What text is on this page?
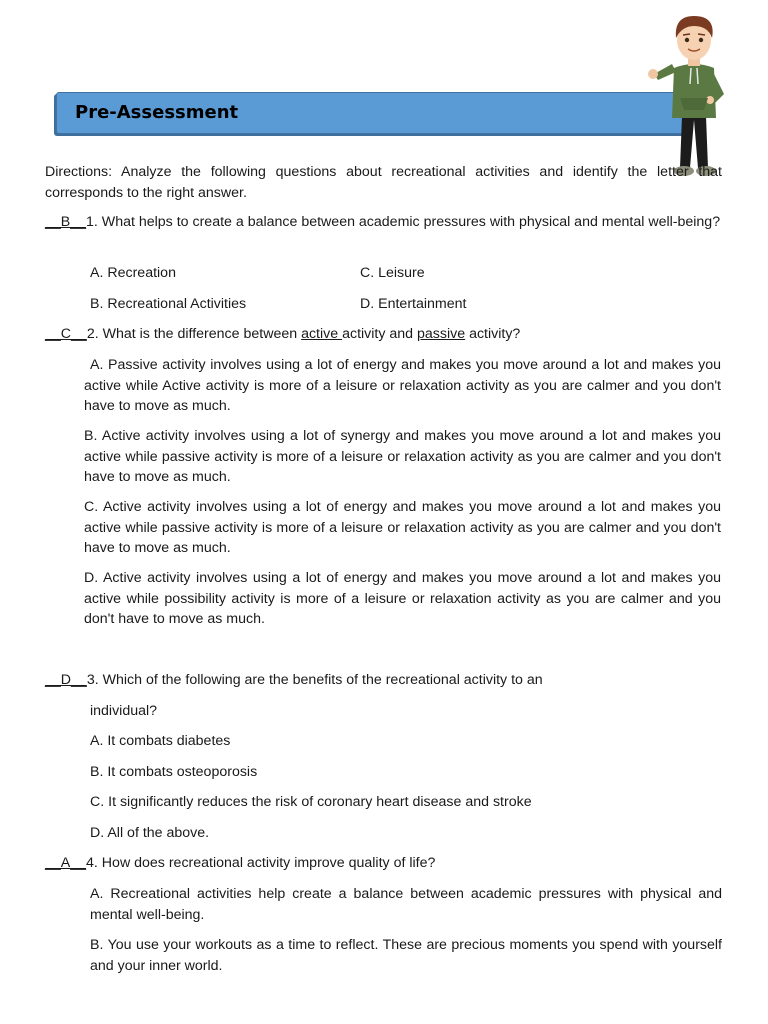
Pre-Assessment
Directions: Analyze the following questions about recreational activities and identify the letter that corresponds to the right answer.
__B__1. What helps to create a balance between academic pressures with physical and mental well-being?
A. Recreation	C. Leisure
B. Recreational Activities	D. Entertainment
__C__2. What is the difference between active activity and passive activity?
A. Passive activity involves using a lot of energy and makes you move around a lot and makes you active while Active activity is more of a leisure or relaxation activity as you are calmer and you don't have to move as much.
B. Active activity involves using a lot of synergy and makes you move around a lot and makes you active while passive activity is more of a leisure or relaxation activity as you are calmer and you don't have to move as much.
C. Active activity involves using a lot of energy and makes you move around a lot and makes you active while passive activity is more of a leisure or relaxation activity as you are calmer and you don't have to move as much.
D. Active activity involves using a lot of energy and makes you move around a lot and makes you active while possibility activity is more of a leisure or relaxation activity as you are calmer and you don't have to move as much.
__D__3. Which of the following are the benefits of the recreational activity to an
individual?
A. It combats diabetes
B. It combats osteoporosis
C. It significantly reduces the risk of coronary heart disease and stroke
D. All of the above.
__A__4. How does recreational activity improve quality of life?
A. Recreational activities help create a balance between academic pressures with physical and mental well-being.
B. You use your workouts as a time to reflect. These are precious moments you spend with yourself and your inner world.
